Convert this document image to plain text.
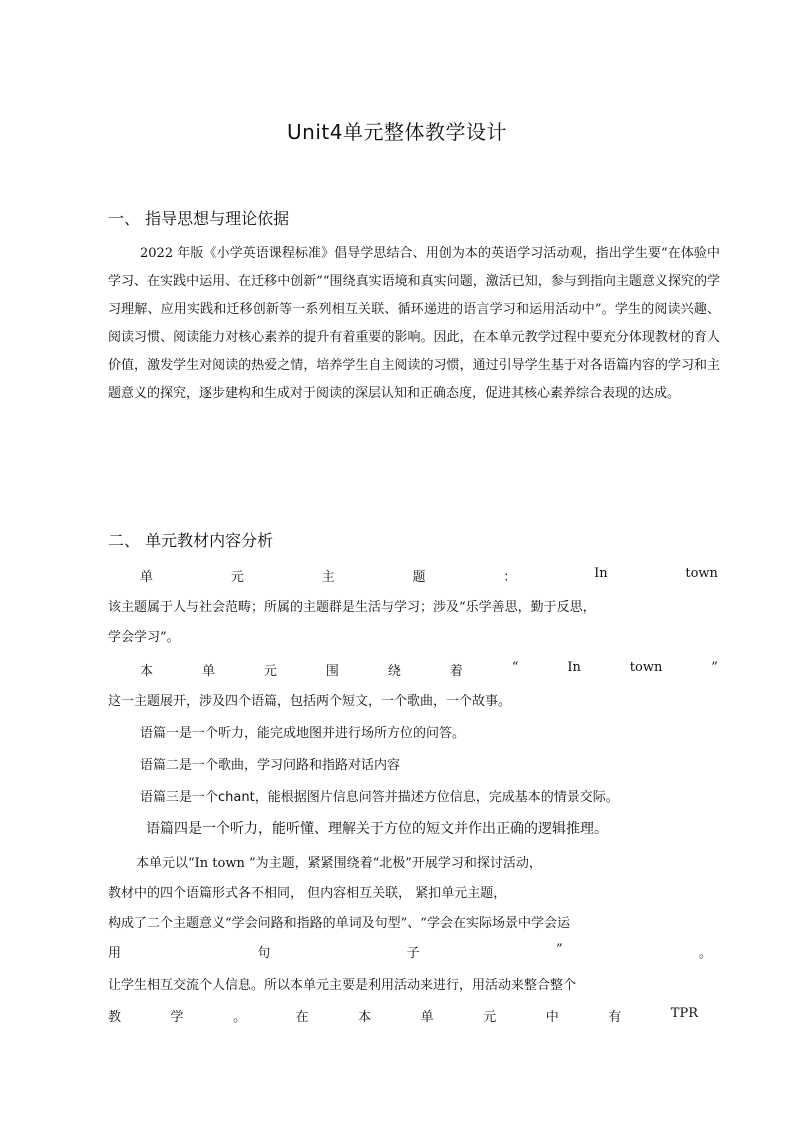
Unit4单元整体教学设计
一、 指导思想与理论依据
2022 年版《小学英语课程标准》倡导学思结合、用创为本的英语学习活动观，指出学生要“在体验中学习、在实践中运用、在迁移中创新”“围绕真实语境和真实问题，激活已知，参与到指向主题意义探究的学习理解、应用实践和迁移创新等一系列相互关联、循环递进的语言学习和运用活动中”。学生的阅读兴趣、阅读习惯、阅读能力对核心素养的提升有着重要的影响。因此，在本单元教学过程中要充分体现教材的育人价值，激发学生对阅读的热爱之情，培养学生自主阅读的习惯，通过引导学生基于对各语篇内容的学习和主题意义的探究，逐步建构和生成对于阅读的深层认知和正确态度，促进其核心素养综合表现的达成。
二、 单元教材内容分析
单	元	主	题	：	In	town
该主题属于人与社会范畴；所属的主题群是生活与学习；涉及“乐学善思，勤于反思，
学会学习”。
本	单	元	围	绕	着	“	In	town	”
这一主题展开，涉及四个语篇，包括两个短文，一个歌曲，一个故事。
语篇一是一个听力，能完成地图并进行场所方位的问答。
语篇二是一个歌曲，学习问路和指路对话内容
语篇三是一个chant，能根据图片信息问答并描述方位信息，完成基本的情景交际。
语篇四是一个听力，能听懂、理解关于方位的短文并作出正确的逻辑推理。
本单元以“In town ”为主题，紧紧围绕着“北极”开展学习和探讨活动，
教材中的四个语篇形式各不相同， 但内容相互关联， 紧扣单元主题，
构成了二个主题意义“学会问路和指路的单词及句型”、“学会在实际场景中学会运
用	句	子	”	。
让学生相互交流个人信息。所以本单元主要是利用活动来进行，用活动来整合整个
教	学	。	在	本	单	元	中	有	TPR
